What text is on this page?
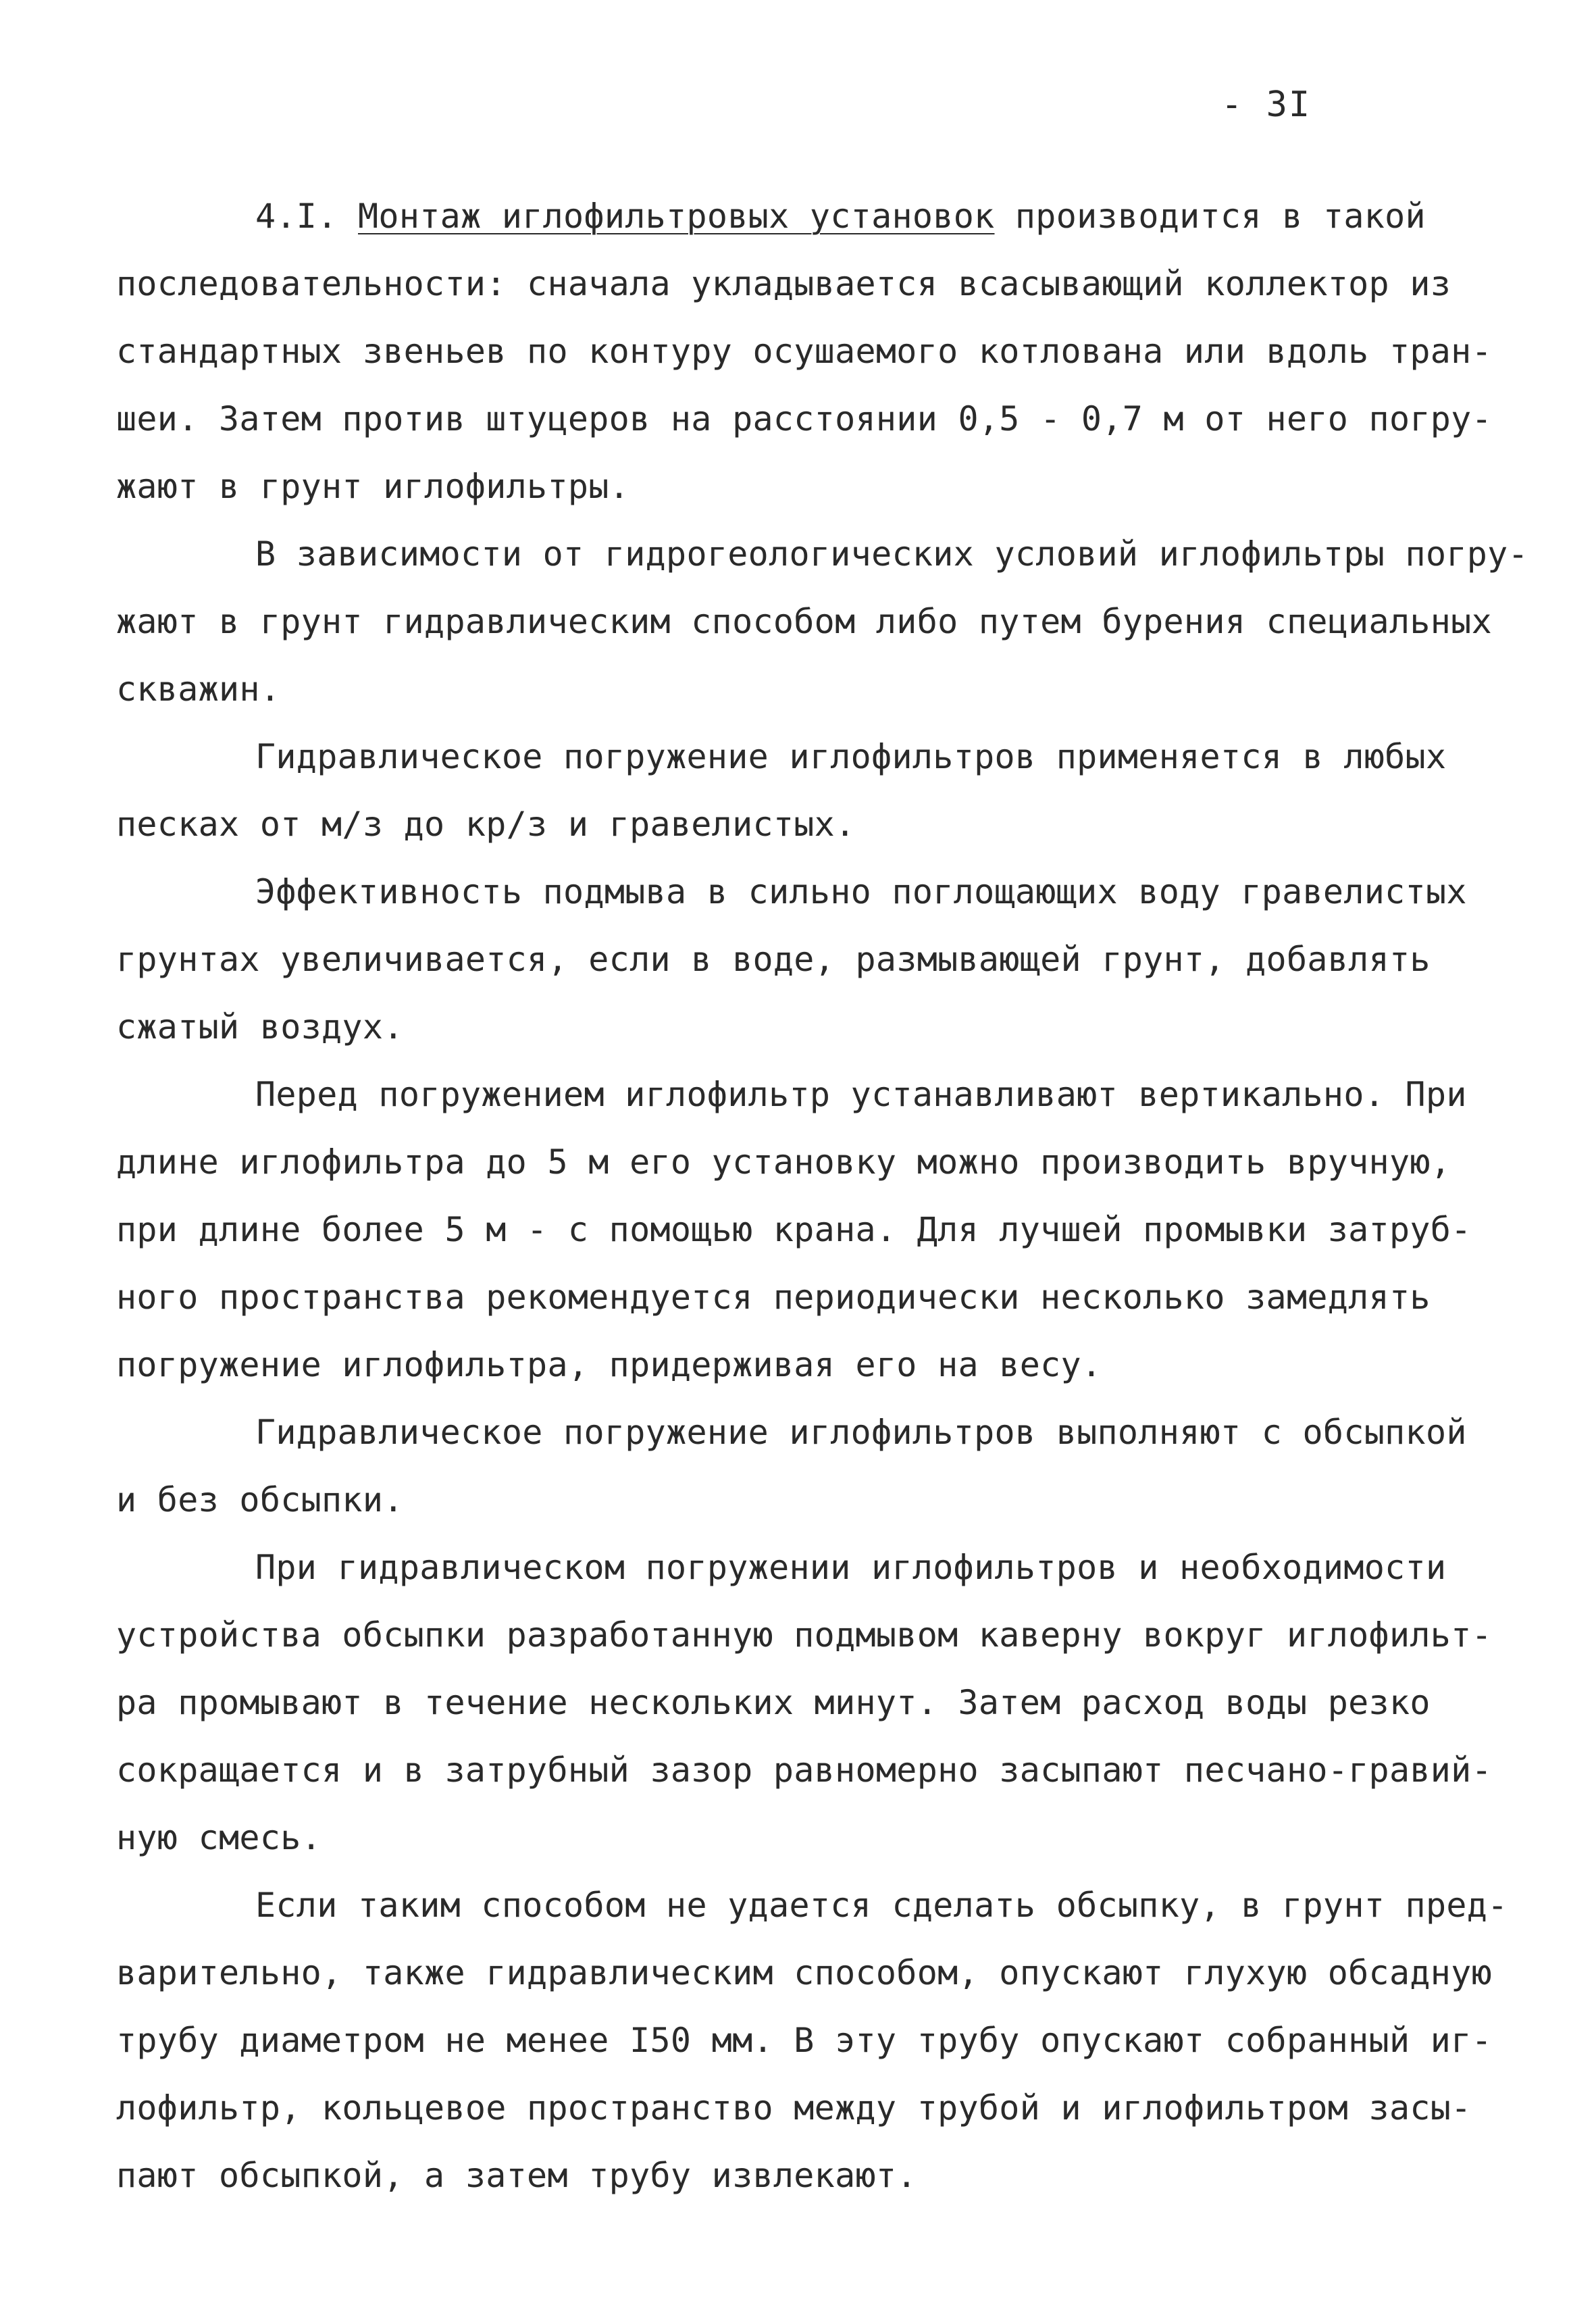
- 3I
4.I. Монтаж иглофильтровых установок производится в такой
последовательности: сначала укладывается всасывающий коллектор из
стандартных звеньев по контуру осушаемого котлована или вдоль тран-
шеи. Затем против штуцеров на расстоянии 0,5 - 0,7 м от него погру-
жают в грунт иглофильтры.
В зависимости от гидрогеологических условий иглофильтры погру-
жают в грунт гидравлическим способом либо путем бурения специальных
скважин.
Гидравлическое погружение иглофильтров применяется в любых
песках от м/з до кр/з и гравелистых.
Эффективность подмыва в сильно поглощающих воду гравелистых
грунтах увеличивается, если в воде, размывающей грунт, добавлять
сжатый воздух.
Перед погружением иглофильтр устанавливают вертикально. При
длине иглофильтра до 5 м его установку можно производить вручную,
при длине более 5 м - с помощью крана. Для лучшей промывки затруб-
ного пространства рекомендуется периодически несколько замедлять
погружение иглофильтра, придерживая его на весу.
Гидравлическое погружение иглофильтров выполняют с обсыпкой
и без обсыпки.
При гидравлическом погружении иглофильтров и необходимости
устройства обсыпки разработанную подмывом каверну вокруг иглофильт-
ра промывают в течение нескольких минут. Затем расход воды резко
сокращается и в затрубный зазор равномерно засыпают песчано-гравий-
ную смесь.
Если таким способом не удается сделать обсыпку, в грунт пред-
варительно, также гидравлическим способом, опускают глухую обсадную
трубу диаметром не менее I50 мм. В эту трубу опускают собранный иг-
лофильтр, кольцевое пространство между трубой и иглофильтром засы-
пают обсыпкой, а затем трубу извлекают.
